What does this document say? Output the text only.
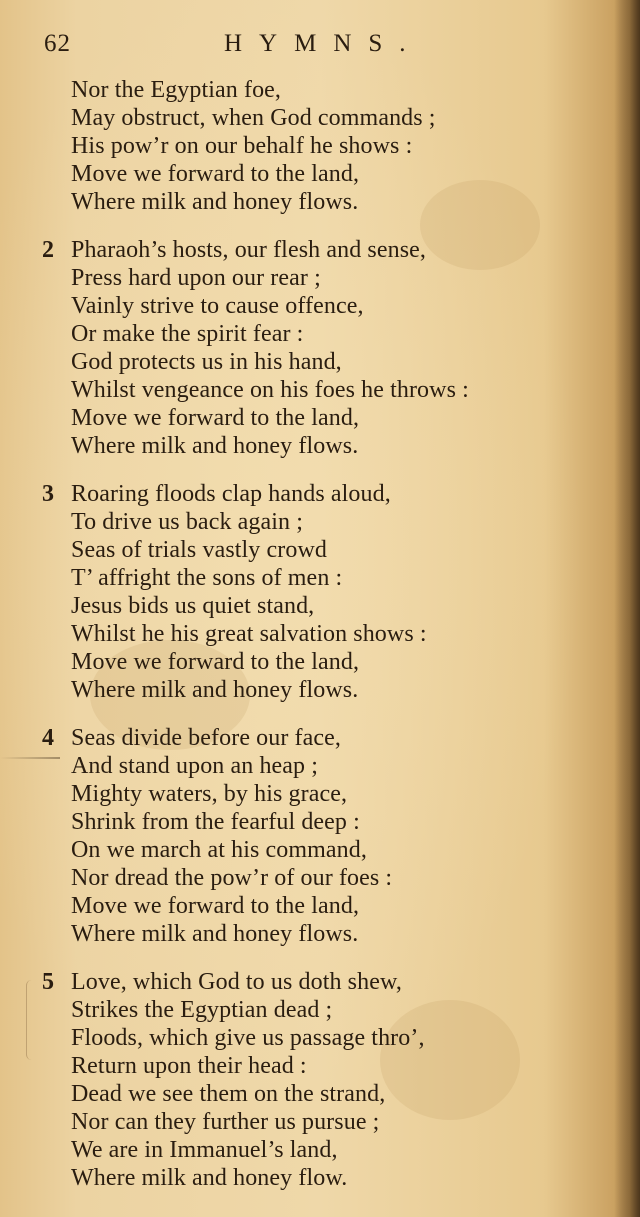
62	HYMNS.
Nor the Egyptian foe,
May obstruct, when God commands ;
His pow’r on our behalf he shows :
Move we forward to the land,
Where milk and honey flows.
2 Pharaoh’s hosts, our flesh and sense,
Press hard upon our rear ;
Vainly strive to cause offence,
Or make the spirit fear :
God protects us in his hand,
Whilst vengeance on his foes he throws :
Move we forward to the land,
Where milk and honey flows.
3 Roaring floods clap hands aloud,
To drive us back again ;
Seas of trials vastly crowd
T’ affright the sons of men :
Jesus bids us quiet stand,
Whilst he his great salvation shows :
Move we forward to the land,
Where milk and honey flows.
4 Seas divide before our face,
And stand upon an heap ;
Mighty waters, by his grace,
Shrink from the fearful deep :
On we march at his command,
Nor dread the pow’r of our foes :
Move we forward to the land,
Where milk and honey flows.
5 Love, which God to us doth shew,
Strikes the Egyptian dead ;
Floods, which give us passage thro’,
Return upon their head :
Dead we see them on the strand,
Nor can they further us pursue ;
We are in Immanuel’s land,
Where milk and honey flow.
